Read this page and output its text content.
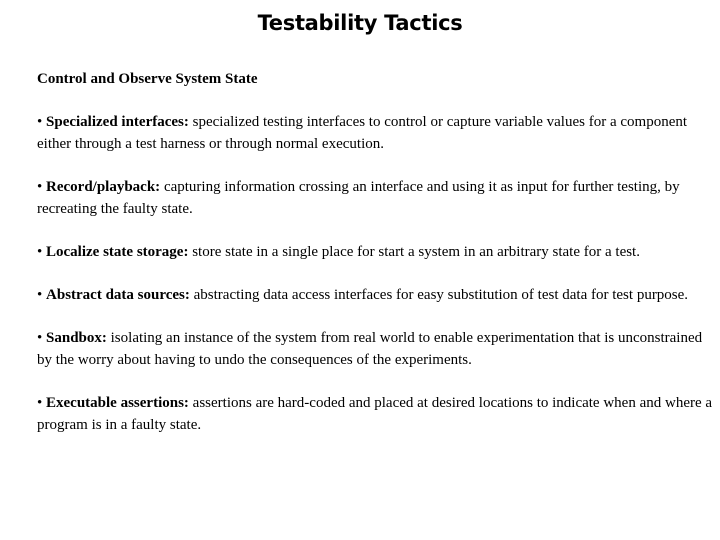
Testability Tactics
Control and Observe System State
• Specialized interfaces: specialized testing interfaces to control or capture variable values for a component either through a test harness or through normal execution.
• Record/playback: capturing information crossing an interface and using it as input for further testing, by recreating the faulty state.
• Localize state storage: store state in a single place for start a system in an arbitrary state for a test.
• Abstract data sources: abstracting data access interfaces for easy substitution of test data for test purpose.
• Sandbox: isolating an instance of the system from real world to enable experimentation that is unconstrained by the worry about having to undo the consequences of the experiments.
• Executable assertions: assertions are hard-coded and placed at desired locations to indicate when and where a program is in a faulty state.
